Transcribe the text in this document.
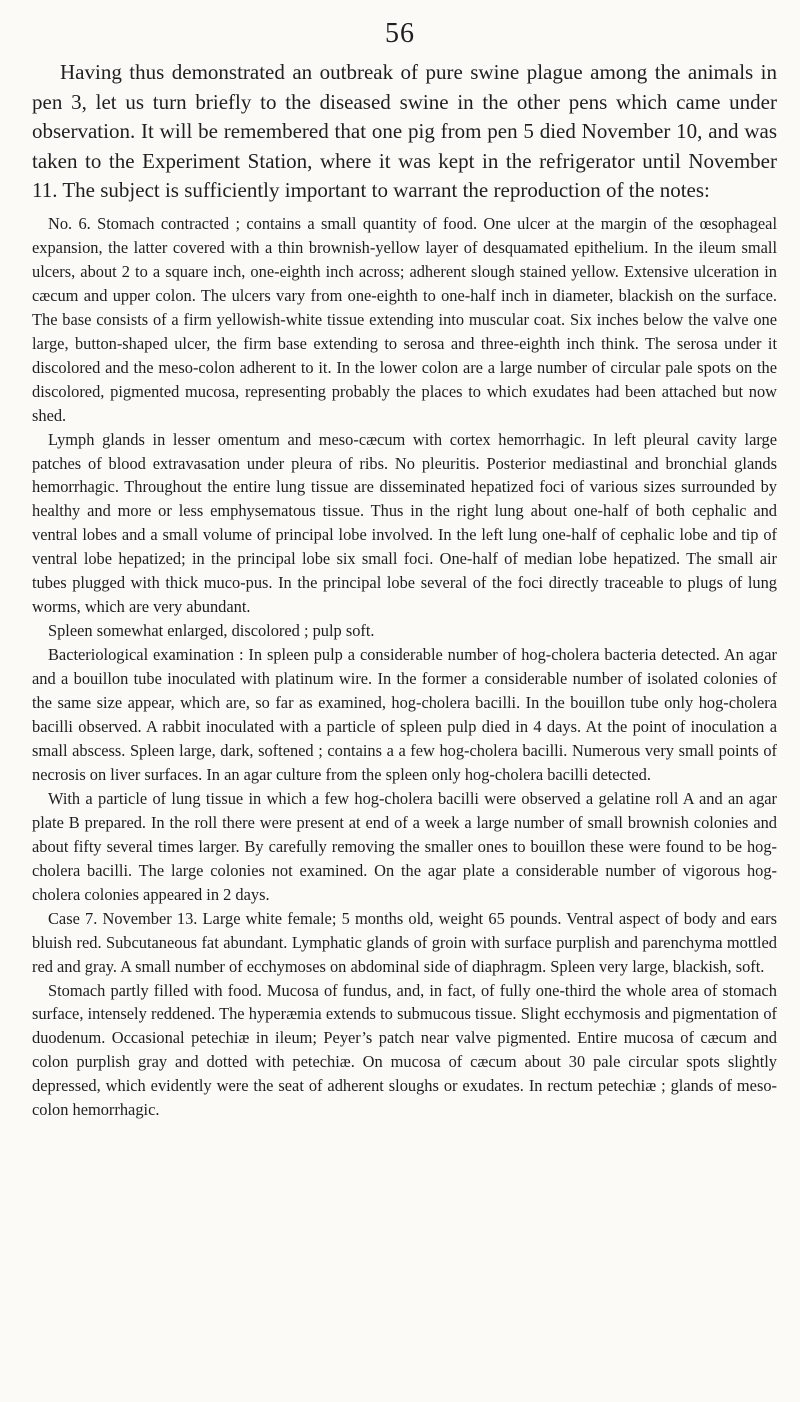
56
Having thus demonstrated an outbreak of pure swine plague among the animals in pen 3, let us turn briefly to the diseased swine in the other pens which came under observation. It will be remembered that one pig from pen 5 died November 10, and was taken to the Experiment Station, where it was kept in the refrigerator until November 11. The subject is sufficiently important to warrant the reproduction of the notes:

No. 6. Stomach contracted ; contains a small quantity of food. One ulcer at the margin of the œsophageal expansion, the latter covered with a thin brownish-yellow layer of desquamated epithelium. In the ileum small ulcers, about 2 to a square inch, one-eighth inch across; adherent slough stained yellow. Extensive ulceration in cæcum and upper colon. The ulcers vary from one-eighth to one-half inch in diameter, blackish on the surface. The base consists of a firm yellowish-white tissue extending into muscular coat. Six inches below the valve one large, button-shaped ulcer, the firm base extending to serosa and three-eighth inch think. The serosa under it discolored and the meso-colon adherent to it. In the lower colon are a large number of circular pale spots on the discolored, pigmented mucosa, representing probably the places to which exudates had been attached but now shed.

Lymph glands in lesser omentum and meso-cæcum with cortex hemorrhagic. In left pleural cavity large patches of blood extravasation under pleura of ribs. No pleuritis. Posterior mediastinal and bronchial glands hemorrhagic. Throughout the entire lung tissue are disseminated hepatized foci of various sizes surrounded by healthy and more or less emphysematous tissue. Thus in the right lung about one-half of both cephalic and ventral lobes and a small volume of principal lobe involved. In the left lung one-half of cephalic lobe and tip of ventral lobe hepatized; in the principal lobe six small foci. One-half of median lobe hepatized. The small air tubes plugged with thick muco-pus. In the principal lobe several of the foci directly traceable to plugs of lung worms, which are very abundant.

Spleen somewhat enlarged, discolored ; pulp soft.

Bacteriological examination : In spleen pulp a considerable number of hog-cholera bacteria detected. An agar and a bouillon tube inoculated with platinum wire. In the former a considerable number of isolated colonies of the same size appear, which are, so far as examined, hog-cholera bacilli. In the bouillon tube only hog-cholera bacilli observed. A rabbit inoculated with a particle of spleen pulp died in 4 days. At the point of inoculation a small abscess. Spleen large, dark, softened ; contains a a few hog-cholera bacilli. Numerous very small points of necrosis on liver surfaces. In an agar culture from the spleen only hog-cholera bacilli detected.

With a particle of lung tissue in which a few hog-cholera bacilli were observed a gelatine roll A and an agar plate B prepared. In the roll there were present at end of a week a large number of small brownish colonies and about fifty several times larger. By carefully removing the smaller ones to bouillon these were found to be hog-cholera bacilli. The large colonies not examined. On the agar plate a considerable number of vigorous hog-cholera colonies appeared in 2 days.

Case 7. November 13. Large white female; 5 months old, weight 65 pounds. Ventral aspect of body and ears bluish red. Subcutaneous fat abundant. Lymphatic glands of groin with surface purplish and parenchyma mottled red and gray. A small number of ecchymoses on abdominal side of diaphragm. Spleen very large, blackish, soft.

Stomach partly filled with food. Mucosa of fundus, and, in fact, of fully one-third the whole area of stomach surface, intensely reddened. The hyperæmia extends to submucous tissue. Slight ecchymosis and pigmentation of duodenum. Occasional petechiæ in ileum; Peyer’s patch near valve pigmented. Entire mucosa of cæcum and colon purplish gray and dotted with petechiæ. On mucosa of cæcum about 30 pale circular spots slightly depressed, which evidently were the seat of adherent sloughs or exudates. In rectum petechiæ ; glands of meso-colon hemorrhagic.
